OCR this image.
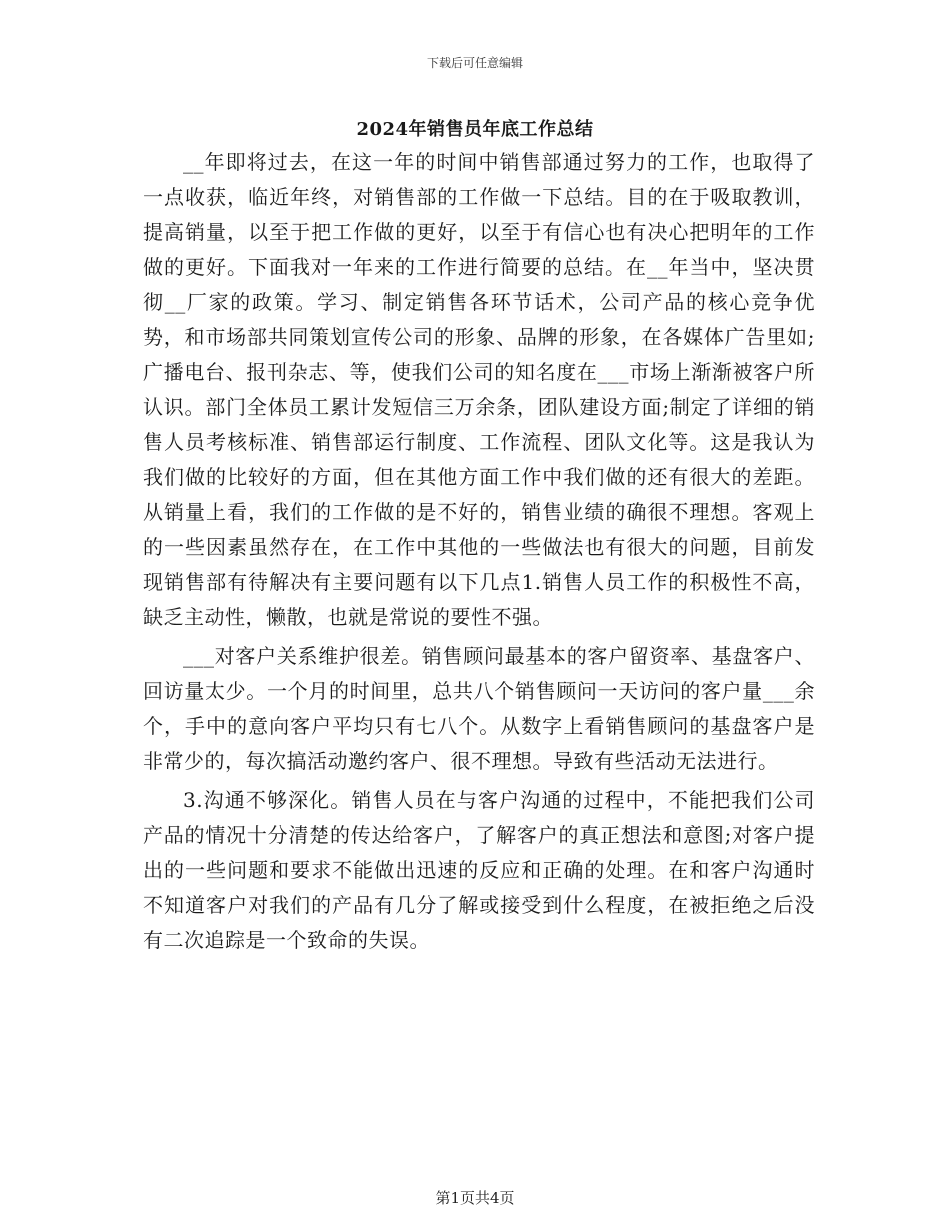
下载后可任意编辑
2024年销售员年底工作总结

__年即将过去，在这一年的时间中销售部通过努力的工作，也取得了一点收获，临近年终，对销售部的工作做一下总结。目的在于吸取教训，提高销量，以至于把工作做的更好，以至于有信心也有决心把明年的工作做的更好。下面我对一年来的工作进行简要的总结。在__年当中，坚决贯彻__厂家的政策。学习、制定销售各环节话术，公司产品的核心竞争优势，和市场部共同策划宣传公司的形象、品牌的形象，在各媒体广告里如;广播电台、报刊杂志、等，使我们公司的知名度在___市场上渐渐被客户所认识。部门全体员工累计发短信三万余条，团队建设方面;制定了详细的销售人员考核标准、销售部运行制度、工作流程、团队文化等。这是我认为我们做的比较好的方面，但在其他方面工作中我们做的还有很大的差距。从销量上看，我们的工作做的是不好的，销售业绩的确很不理想。客观上的一些因素虽然存在，在工作中其他的一些做法也有很大的问题，目前发现销售部有待解决有主要问题有以下几点1.销售人员工作的积极性不高，缺乏主动性，懒散，也就是常说的要性不强。

___对客户关系维护很差。销售顾问最基本的客户留资率、基盘客户、回访量太少。一个月的时间里，总共八个销售顾问一天访问的客户量___余个，手中的意向客户平均只有七八个。从数字上看销售顾问的基盘客户是非常少的，每次搞活动邀约客户、很不理想。导致有些活动无法进行。

3.沟通不够深化。销售人员在与客户沟通的过程中，不能把我们公司产品的情况十分清楚的传达给客户，了解客户的真正想法和意图;对客户提出的一些问题和要求不能做出迅速的反应和正确的处理。在和客户沟通时不知道客户对我们的产品有几分了解或接受到什么程度，在被拒绝之后没有二次追踪是一个致命的失误。

第1页共4页
